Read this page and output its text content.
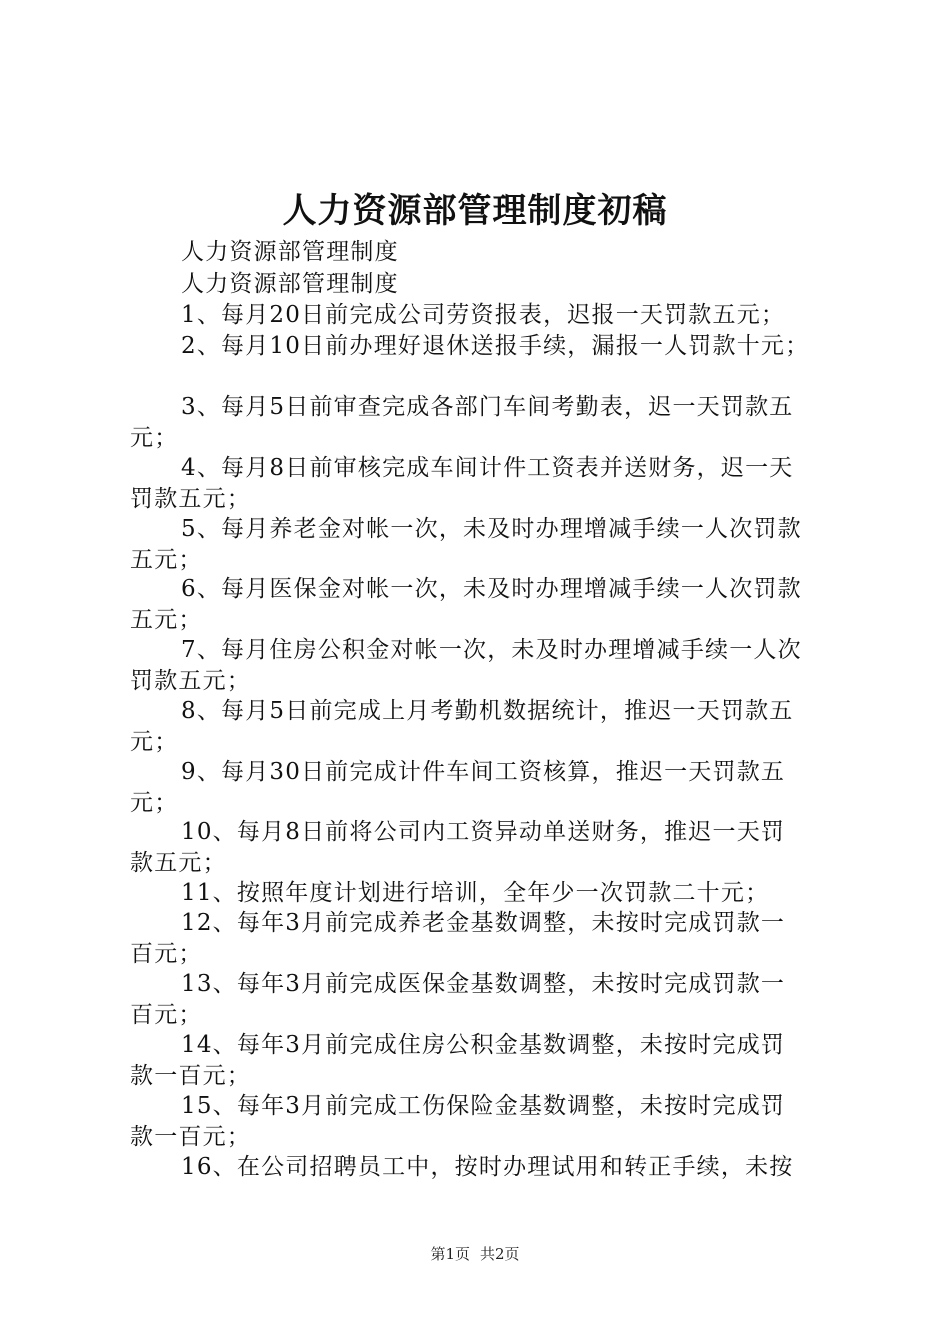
人力资源部管理制度初稿
人力资源部管理制度
人力资源部管理制度
1、每月20日前完成公司劳资报表，迟报一天罚款五元；
2、每月10日前办理好退休送报手续，漏报一人罚款十元；
3、每月5日前审查完成各部门车间考勤表，迟一天罚款五
元；
4、每月8日前审核完成车间计件工资表并送财务，迟一天
罚款五元；
5、每月养老金对帐一次，未及时办理增减手续一人次罚款
五元；
6、每月医保金对帐一次，未及时办理增减手续一人次罚款
五元；
7、每月住房公积金对帐一次，未及时办理增减手续一人次
罚款五元；
8、每月5日前完成上月考勤机数据统计，推迟一天罚款五
元；
9、每月30日前完成计件车间工资核算，推迟一天罚款五
元；
10、每月8日前将公司内工资异动单送财务，推迟一天罚
款五元；
11、按照年度计划进行培训，全年少一次罚款二十元；
12、每年3月前完成养老金基数调整，未按时完成罚款一
百元；
13、每年3月前完成医保金基数调整，未按时完成罚款一
百元；
14、每年3月前完成住房公积金基数调整，未按时完成罚
款一百元；
15、每年3月前完成工伤保险金基数调整，未按时完成罚
款一百元；
16、在公司招聘员工中，按时办理试用和转正手续，未按
第1页 共2页
